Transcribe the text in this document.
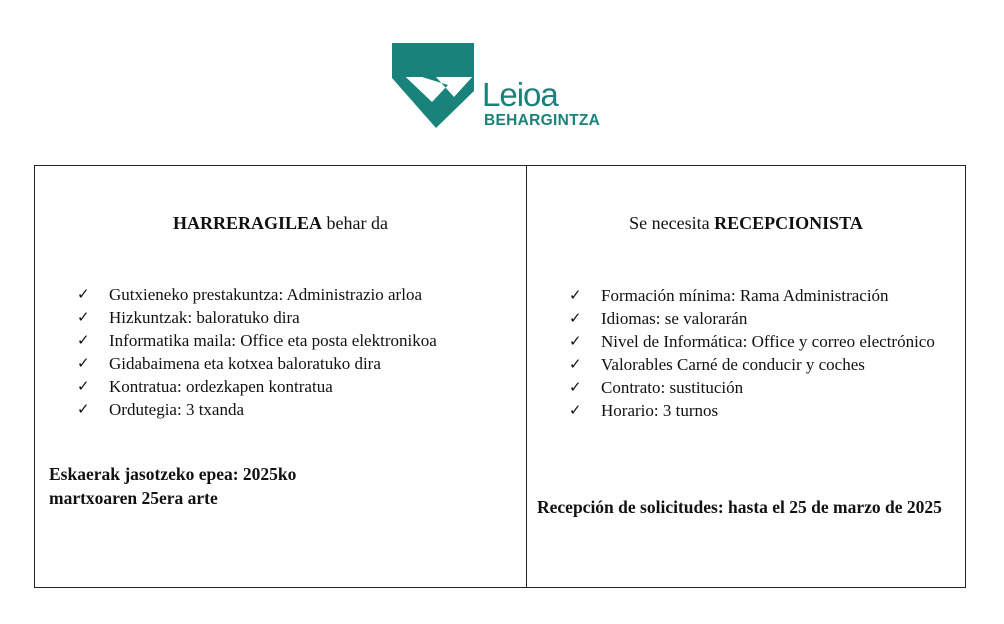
Leioa
BEHARGINTZA
HARRERAGILEA behar da
✓ Gutxieneko prestakuntza: Administrazio arloa
✓ Hizkuntzak: baloratuko dira
✓ Informatika maila: Office eta posta elektronikoa
✓ Gidabaimena eta kotxea baloratuko dira
✓ Kontratua: ordezkapen kontratua
✓ Ordutegia: 3 txanda
Eskaerak jasotzeko epea: 2025ko martxoaren 25era arte
Se necesita RECEPCIONISTA
✓ Formación mínima: Rama Administración
✓ Idiomas: se valorarán
✓ Nivel de Informática: Office y correo electrónico
✓ Valorables Carné de conducir y coches
✓ Contrato: sustitución
✓ Horario: 3 turnos
Recepción de solicitudes: hasta el 25 de marzo de 2025
